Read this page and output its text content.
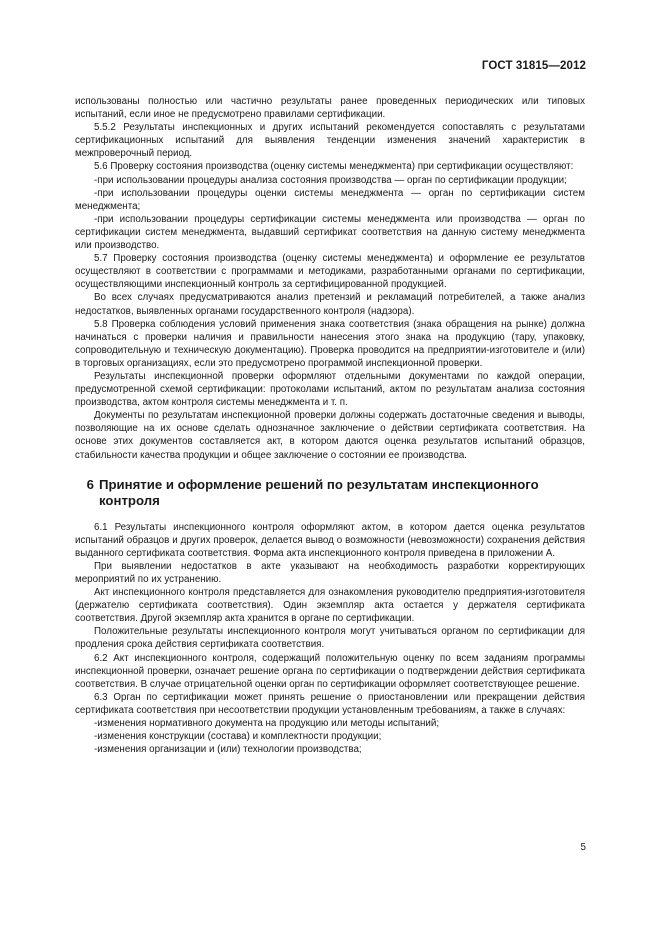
ГОСТ 31815—2012

использованы полностью или частично результаты ранее проведенных периодических или типовых испытаний, если иное не предусмотрено правилами сертификации.

5.5.2 Результаты инспекционных и других испытаний рекомендуется сопоставлять с результатами сертификационных испытаний для выявления тенденции изменения значений характеристик в межпроверочный период.

5.6 Проверку состояния производства (оценку системы менеджмента) при сертификации осуществляют:

-при использовании процедуры анализа состояния производства — орган по сертификации продукции;

-при использовании процедуры оценки системы менеджмента — орган по сертификации систем менеджмента;

-при использовании процедуры сертификации системы менеджмента или производства — орган по сертификации систем менеджмента, выдавший сертификат соответствия на данную систему менеджмента или производство.

5.7 Проверку состояния производства (оценку системы менеджмента) и оформление ее результатов осуществляют в соответствии с программами и методиками, разработанными органами по сертификации, осуществляющими инспекционный контроль за сертифицированной продукцией.

Во всех случаях предусматриваются анализ претензий и рекламаций потребителей, а также анализ недостатков, выявленных органами государственного контроля (надзора).

5.8 Проверка соблюдения условий применения знака соответствия (знака обращения на рынке) должна начинаться с проверки наличия и правильности нанесения этого знака на продукцию (тару, упаковку, сопроводительную и техническую документацию). Проверка проводится на предприятии-изготовителе и (или) в торговых организациях, если это предусмотрено программой инспекционной проверки.

Результаты инспекционной проверки оформляют отдельными документами по каждой операции, предусмотренной схемой сертификации: протоколами испытаний, актом по результатам анализа состояния производства, актом контроля системы менеджмента и т. п.

Документы по результатам инспекционной проверки должны содержать достаточные сведения и выводы, позволяющие на их основе сделать однозначное заключение о действии сертификата соответствия. На основе этих документов составляется акт, в котором даются оценка результатов испытаний образцов, стабильности качества продукции и общее заключение о состоянии ее производства.

6 Принятие и оформление решений по результатам инспекционного контроля

6.1 Результаты инспекционного контроля оформляют актом, в котором дается оценка результатов испытаний образцов и других проверок, делается вывод о возможности (невозможности) сохранения действия выданного сертификата соответствия. Форма акта инспекционного контроля приведена в приложении А.

При выявлении недостатков в акте указывают на необходимость разработки корректирующих мероприятий по их устранению.

Акт инспекционного контроля представляется для ознакомления руководителю предприятия-изготовителя (держателю сертификата соответствия). Один экземпляр акта остается у держателя сертификата соответствия. Другой экземпляр акта хранится в органе по сертификации.

Положительные результаты инспекционного контроля могут учитываться органом по сертификации для продления срока действия сертификата соответствия.

6.2 Акт инспекционного контроля, содержащий положительную оценку по всем заданиям программы инспекционной проверки, означает решение органа по сертификации о подтверждении действия сертификата соответствия. В случае отрицательной оценки орган по сертификации оформляет соответствующее решение.

6.3 Орган по сертификации может принять решение о приостановлении или прекращении действия сертификата соответствия при несоответствии продукции установленным требованиям, а также в случаях:

-изменения нормативного документа на продукцию или методы испытаний;

-изменения конструкции (состава) и комплектности продукции;

-изменения организации и (или) технологии производства;

5
